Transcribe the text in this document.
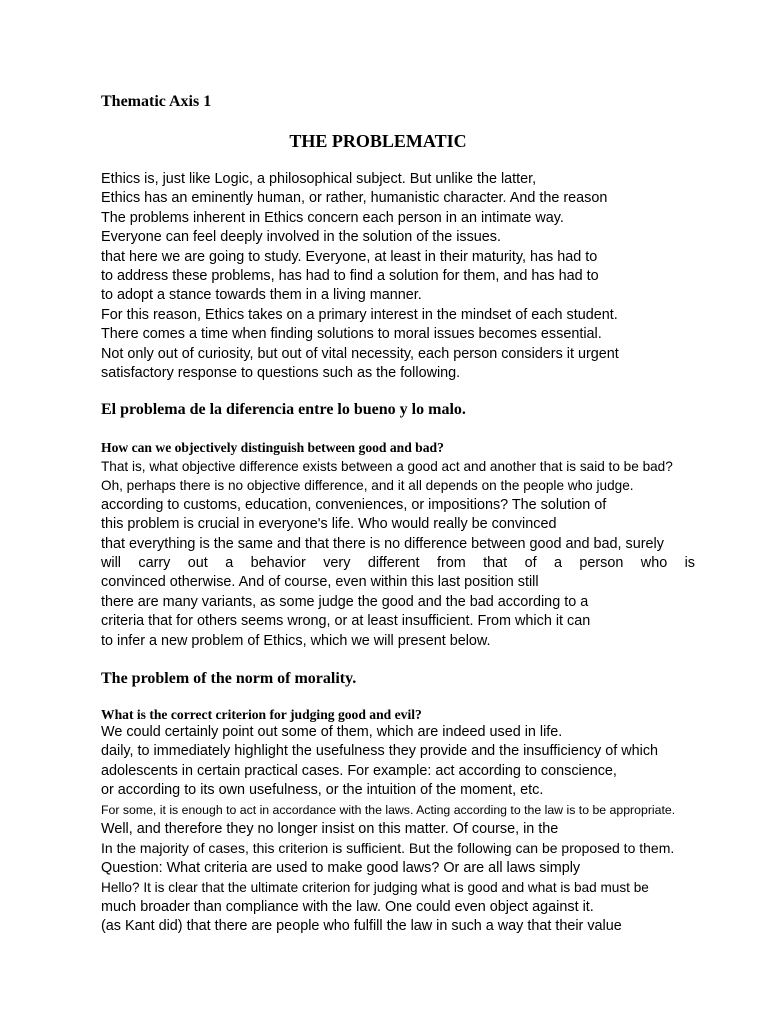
Thematic Axis 1
THE PROBLEMATIC
Ethics is, just like Logic, a philosophical subject. But unlike the latter,
Ethics has an eminently human, or rather, humanistic character. And the reason
The problems inherent in Ethics concern each person in an intimate way.
Everyone can feel deeply involved in the solution of the issues.
that here we are going to study. Everyone, at least in their maturity, has had to
to address these problems, has had to find a solution for them, and has had to
to adopt a stance towards them in a living manner.
For this reason, Ethics takes on a primary interest in the mindset of each student.
There comes a time when finding solutions to moral issues becomes essential.
Not only out of curiosity, but out of vital necessity, each person considers it urgent
satisfactory response to questions such as the following.
El problema de la diferencia entre lo bueno y lo malo.
How can we objectively distinguish between good and bad?
That is, what objective difference exists between a good act and another that is said to be bad?
Oh, perhaps there is no objective difference, and it all depends on the people who judge.
according to customs, education, conveniences, or impositions? The solution of
this problem is crucial in everyone's life. Who would really be convinced
that everything is the same and that there is no difference between good and bad, surely
will carry out a behavior very different from that of a person who is
convinced otherwise. And of course, even within this last position still
there are many variants, as some judge the good and the bad according to a
criteria that for others seems wrong, or at least insufficient. From which it can
to infer a new problem of Ethics, which we will present below.
The problem of the norm of morality.
What is the correct criterion for judging good and evil?
We could certainly point out some of them, which are indeed used in life.
daily, to immediately highlight the usefulness they provide and the insufficiency of which
adolescents in certain practical cases. For example: act according to conscience,
or according to its own usefulness, or the intuition of the moment, etc.
For some, it is enough to act in accordance with the laws. Acting according to the law is to be appropriate.
Well, and therefore they no longer insist on this matter. Of course, in the
In the majority of cases, this criterion is sufficient. But the following can be proposed to them.
Question: What criteria are used to make good laws? Or are all laws simply
Hello? It is clear that the ultimate criterion for judging what is good and what is bad must be
much broader than compliance with the law. One could even object against it.
(as Kant did) that there are people who fulfill the law in such a way that their value
